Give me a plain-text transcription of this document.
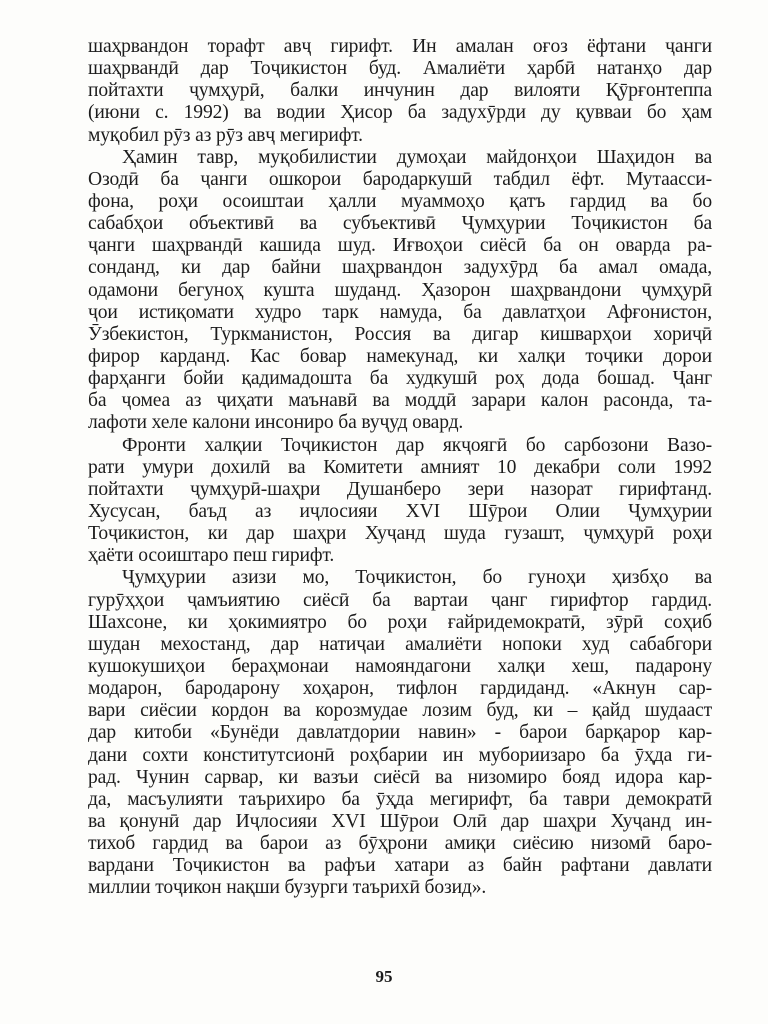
шаҳрвандон торафт авҷ гирифт. Ин амалан оғоз ёфтани ҷанги
шаҳрвандӣ дар Тоҷикистон буд. Амалиёти ҳарбӣ натанҳо дар
пойтахти ҷумҳурӣ, балки инчунин дар вилояти Қӯрғонтеппа
(июни с. 1992) ва водии Ҳисор ба задухӯрди ду қувваи бо ҳам
муқобил рӯз аз рӯз авҷ мегирифт.
Ҳамин тавр, муқобилистии думоҳаи майдонҳои Шаҳидон ва
Озодӣ ба ҷанги ошкорои бародаркушӣ табдил ёфт. Мутаасси-
фона, роҳи осоиштаи ҳалли муаммоҳо қатъ гардид ва бо
сабабҳои объективӣ ва субъективӣ Ҷумҳурии Тоҷикистон ба
ҷанги шаҳрвандӣ кашида шуд. Иғвоҳои сиёсӣ ба он оварда ра-
сонданд, ки дар байни шаҳрвандон задухӯрд ба амал омада,
одамони бегуноҳ кушта шуданд. Ҳазорон шаҳрвандони ҷумҳурӣ
ҷои истиқомати худро тарк намуда, ба давлатҳои Афғонистон,
Ӯзбекистон, Туркманистон, Россия ва дигар кишварҳои хориҷӣ
фирор карданд. Кас бовар намекунад, ки халқи тоҷики дорои
фарҳанги бойи қадимадошта ба худкушӣ роҳ дода бошад. Ҷанг
ба ҷомеа аз ҷиҳати маънавӣ ва моддӣ зарари калон расонда, та-
лафоти хеле калони инсониро ба вуҷуд овард.
Фронти халқии Тоҷикистон дар якҷоягӣ бо сарбозони Вазо-
рати умури дохилӣ ва Комитети амният 10 декабри соли 1992
пойтахти ҷумҳурӣ-шаҳри Душанберо зери назорат гирифтанд.
Хусусан, баъд аз иҷлосияи XVI Шӯрои Олии Ҷумҳурии
Тоҷикистон, ки дар шаҳри Хуҷанд шуда гузашт, ҷумҳурӣ роҳи
ҳаёти осоиштаро пеш гирифт.
Ҷумҳурии азизи мо, Тоҷикистон, бо гуноҳи ҳизбҳо ва
гурӯҳҳои ҷамъиятию сиёсӣ ба вартаи ҷанг гирифтор гардид.
Шахсоне, ки ҳокимиятро бо роҳи ғайридемократӣ, зӯрӣ соҳиб
шудан мехостанд, дар натиҷаи амалиёти нопоки худ сабабгори
кушокушиҳои бераҳмонаи намояндагони халқи хеш, падарону
модарон, бародарону хоҳарон, тифлон гардиданд. «Акнун сар-
вари сиёсии кордон ва корозмудае лозим буд, ки – қайд шудааст
дар китоби «Бунёди давлатдории навин» - барои барқарор кар-
дани сохти конститутсионӣ роҳбарии ин мубориизаро ба ӯҳда ги-
рад. Чунин сарвар, ки вазъи сиёсӣ ва низомиро бояд идора кар-
да, масъулияти таърихиро ба ӯҳда мегирифт, ба таври демократӣ
ва қонунӣ дар Иҷлосияи XVI Шӯрои Олӣ дар шаҳри Хуҷанд ин-
тихоб гардид ва барои аз бӯҳрони амиқи сиёсию низомӣ баро-
вардани Тоҷикистон ва рафъи хатари аз байн рафтани давлати
миллии тоҷикон нақши бузурги таърихӣ бозид».
95
